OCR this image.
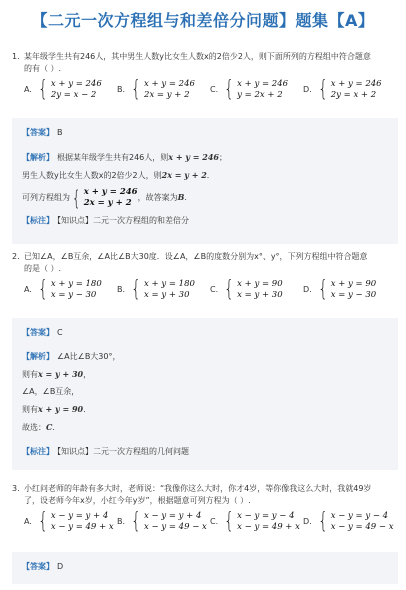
【二元一次方程组与和差倍分问题】题集【A】
1. 某年级学生共有246人，其中男生人数y比女生人数x的2倍少2人，则下面所列的方程组中符合题意
的有（ ）.
A. { x + y = 246
2y = x − 2
B. { x + y = 246
2x = y + 2
C. { x + y = 246
y = 2x + 2
D. { x + y = 246
2y = x + 2

【答案】 B

【解析】 根据某年级学生共有246人，则x + y = 246；

男生人数y比女生人数x的2倍少2人，则2x = y + 2.

可列方程组为 { x + y = 246
2x = y + 2 ，故答案为B.

【标注】 【知识点】二元一次方程组的和差倍分

2. 已知∠A，∠B互余，∠A比∠B大30度．设∠A，∠B的度数分别为x°、y°，下列方程组中符合题意
的是（ ）.
A. { x + y = 180
x = y − 30
B. { x + y = 180
x = y + 30
C. { x + y = 90
x = y + 30
D. { x + y = 90
x = y − 30

【答案】 C

【解析】 ∠A比∠B大30°，

则有x = y + 30，

∠A，∠B互余，

则有x + y = 90.

故选：C.

【标注】 【知识点】二元一次方程组的几何问题

3. 小红问老师的年龄有多大时，老师说：“我像你这么大时，你才4岁，等你像我这么大时，我就49岁
了，设老师今年x岁，小红今年y岁”，根据题意可列方程为（ ）.
A. { x − y = y + 4
x − y = 49 + x
B. { x − y = y + 4
x − y = 49 − x
C. { x − y = y − 4
x − y = 49 + x
D. { x − y = y − 4
x − y = 49 − x

【答案】 D
